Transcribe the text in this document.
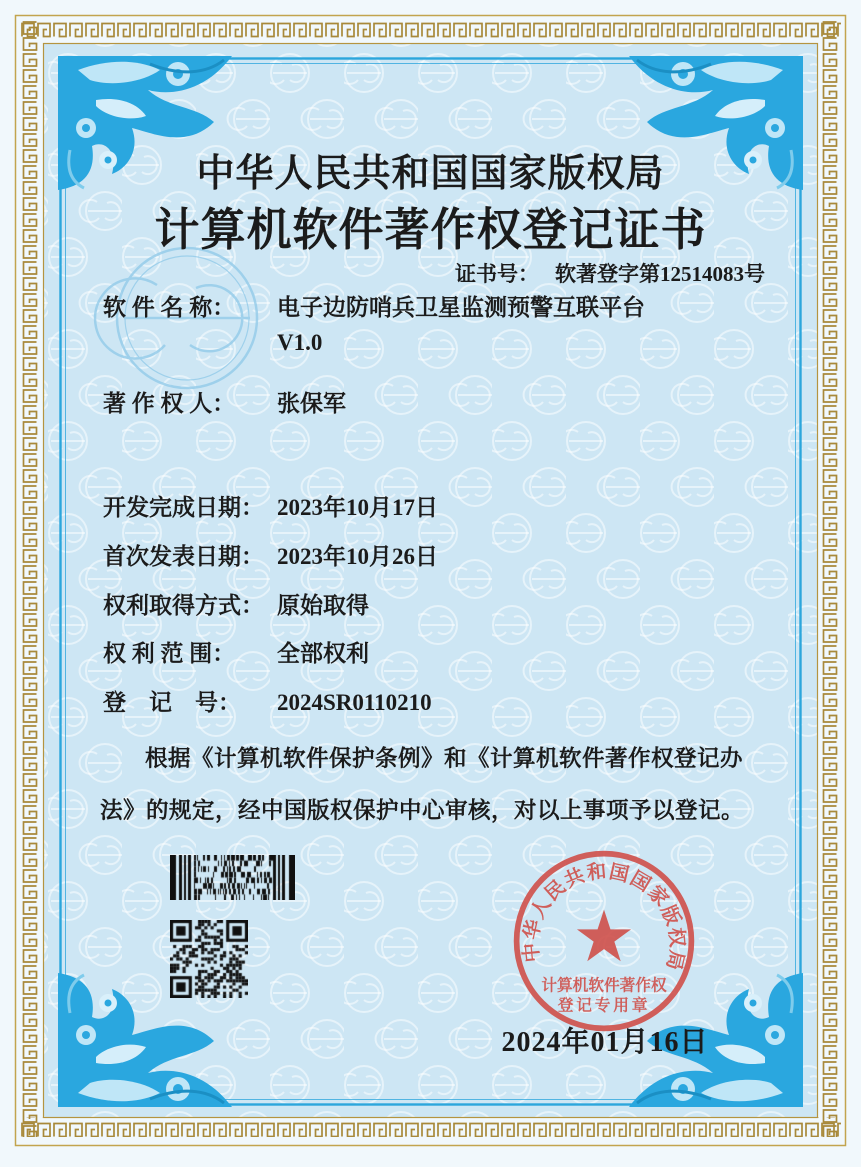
中华人民共和国国家版权局
计算机软件著作权登记证书
证书号： 软著登字第12514083号
软 件 名 称：	电子边防哨兵卫星监测预警互联平台
V1.0
著 作 权 人：	张保军
开发完成日期： 2023年10月17日
首次发表日期： 2023年10月26日
权利取得方式： 原始取得
权 利 范 围：	全部权利
登　记　号：	2024SR0110210

根据《计算机软件保护条例》和《计算机软件著作权登记办法》的规定，经中国版权保护中心审核，对以上事项予以登记。

中华人民共和国国家版权局
计算机软件著作权
登记专用章
2024年01月16日
